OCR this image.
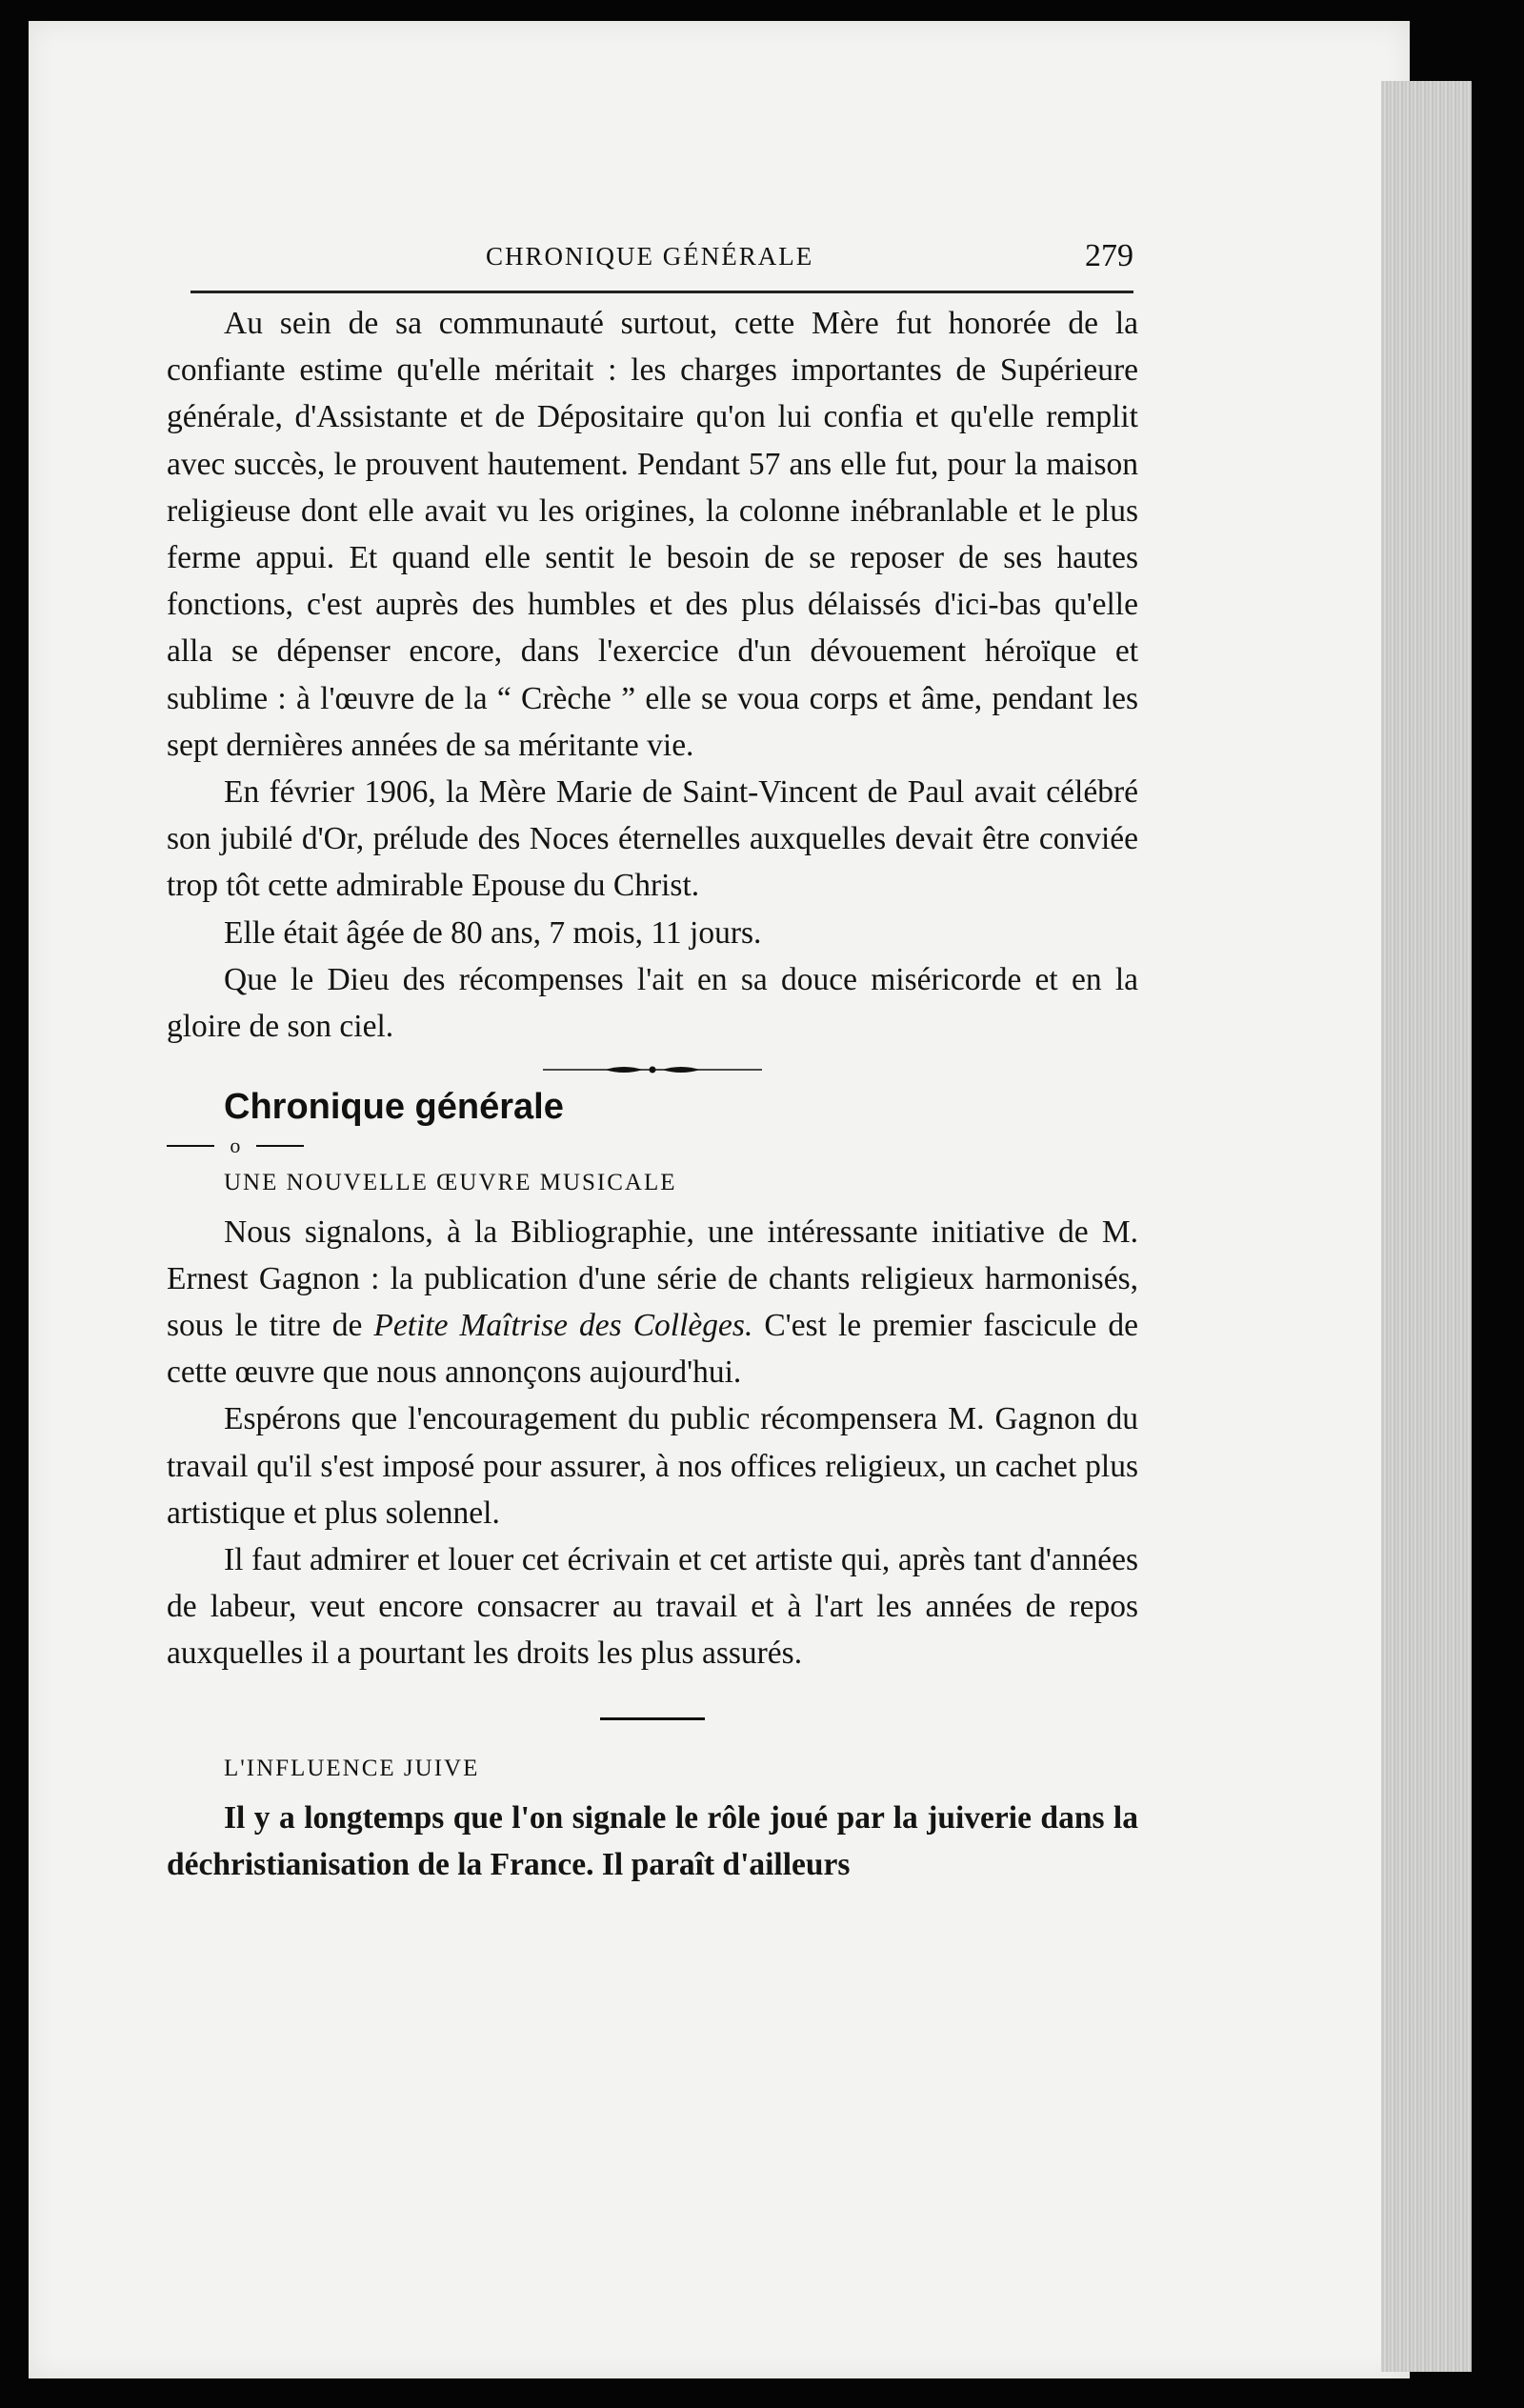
CHRONIQUE GÉNÉRALE	279

Au sein de sa communauté surtout, cette Mère fut honorée de la confiante estime qu'elle méritait : les charges importantes de Supérieure générale, d'Assistante et de Dépositaire qu'on lui confia et qu'elle remplit avec succès, le prouvent hautement. Pendant 57 ans elle fut, pour la maison religieuse dont elle avait vu les origines, la colonne inébranlable et le plus ferme appui. Et quand elle sentit le besoin de se reposer de ses hautes fonctions, c'est auprès des humbles et des plus délaissés d'ici-bas qu'elle alla se dépenser encore, dans l'exercice d'un dévouement héroïque et sublime : à l'œuvre de la “ Crèche ” elle se voua corps et âme, pendant les sept dernières années de sa méritante vie.

En février 1906, la Mère Marie de Saint-Vincent de Paul avait célébré son jubilé d'Or, prélude des Noces éternelles auxquelles devait être conviée trop tôt cette admirable Epouse du Christ.

Elle était âgée de 80 ans, 7 mois, 11 jours.

Que le Dieu des récompenses l'ait en sa douce miséricorde et en la gloire de son ciel.

Chronique générale

o

UNE NOUVELLE ŒUVRE MUSICALE

Nous signalons, à la Bibliographie, une intéressante initiative de M. Ernest Gagnon : la publication d'une série de chants religieux harmonisés, sous le titre de Petite Maîtrise des Collèges. C'est le premier fascicule de cette œuvre que nous annonçons aujourd'hui.

Espérons que l'encouragement du public récompensera M. Gagnon du travail qu'il s'est imposé pour assurer, à nos offices religieux, un cachet plus artistique et plus solennel.

Il faut admirer et louer cet écrivain et cet artiste qui, après tant d'années de labeur, veut encore consacrer au travail et à l'art les années de repos auxquelles il a pourtant les droits les plus assurés.

L'INFLUENCE JUIVE

Il y a longtemps que l'on signale le rôle joué par la juiverie dans la déchristianisation de la France. Il paraît d'ailleurs
